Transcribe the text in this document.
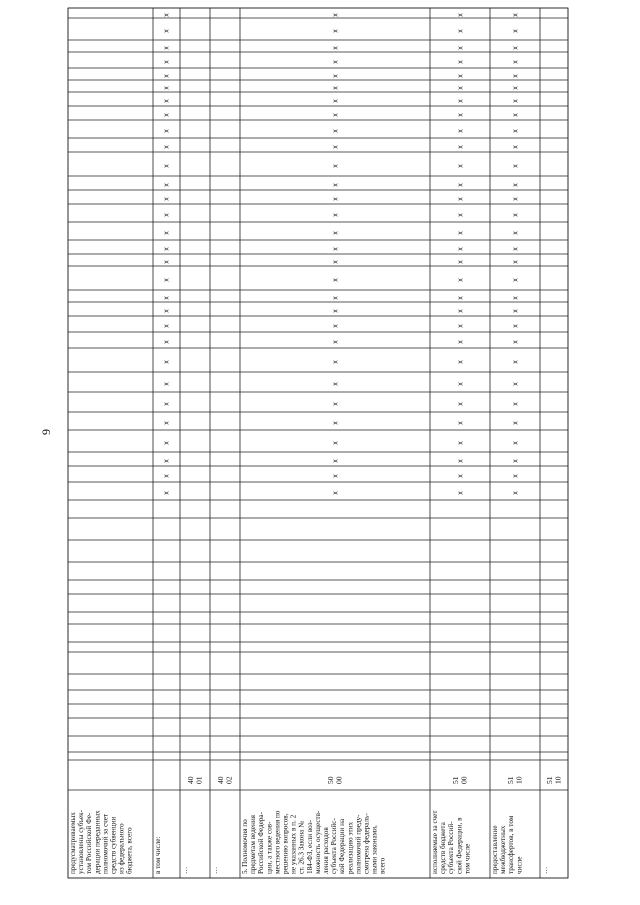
9
предусматриваемых установлены субъек- том Российской Фе- дерации переданных полномочий за счет средств субвенции из федерального бюджета, всего	в том числе:
x
x
x
x
x
x
x
x
x
x
x
x
x
x
x
x
x
x
x
x
x
x
x
x
x
x
x
x
x
x
…
40 01
…
40 02
5. Полномочия по предметам ведения Российской Федера- ции, а также сов- местного ведения по решению вопросов, не указанных в п. 2 ст. 26.3 Закона № 184-ФЗ, если воз- можность осуществ- ления расходов субъекта Российс- кой Федерации на реализацию этих полномочий преду- смотрена федераль- ными законами, всего
50 00
x
x
x
x
x
x
x
x
x
x
x
x
x
x
x
x
x
x
x
x
x
x
x
x
x
x
x
x
x
x
исполняемые за счет средств бюджета субъекта Россий- ской Федерации, в том числе
51 00
x
x
x
x
x
x
x
x
x
x
x
x
x
x
x
x
x
x
x
x
x
x
x
x
x
x
x
x
x
x
предоставление межбюджетных трансфертов, в том числе
51 10
x
x
x
x
x
x
x
x
x
x
x
x
x
x
x
x
x
x
x
x
x
x
x
x
x
x
x
x
x
x
…
51 10
